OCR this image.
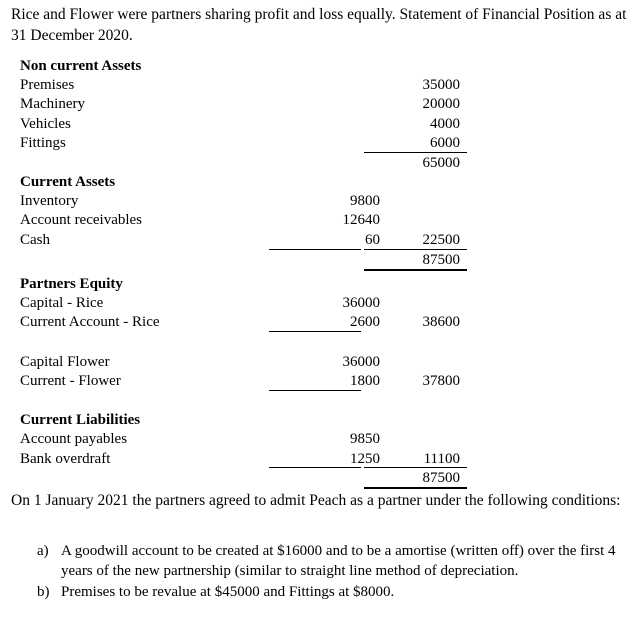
Rice and Flower were partners sharing profit and loss equally. Statement of Financial Position as at 31 December 2020.
Non current Assets
Premises	35000
Machinery	20000
Vehicles	4000
Fittings	6000
65000
Current Assets
Inventory	9800
Account receivables	12640
Cash	60	22500
87500
Partners Equity
Capital - Rice	36000
Current Account - Rice	2600	38600
Capital Flower	36000
Current - Flower	1800	37800
Current Liabilities
Account payables	9850
Bank overdraft	1250	11100
87500
On 1 January 2021 the partners agreed to admit Peach as a partner under the following conditions:
a) A goodwill account to be created at $16000 and to be a amortise (written off) over the first 4 years of the new partnership (similar to straight line method of depreciation.
b) Premises to be revalue at $45000 and Fittings at $8000.
